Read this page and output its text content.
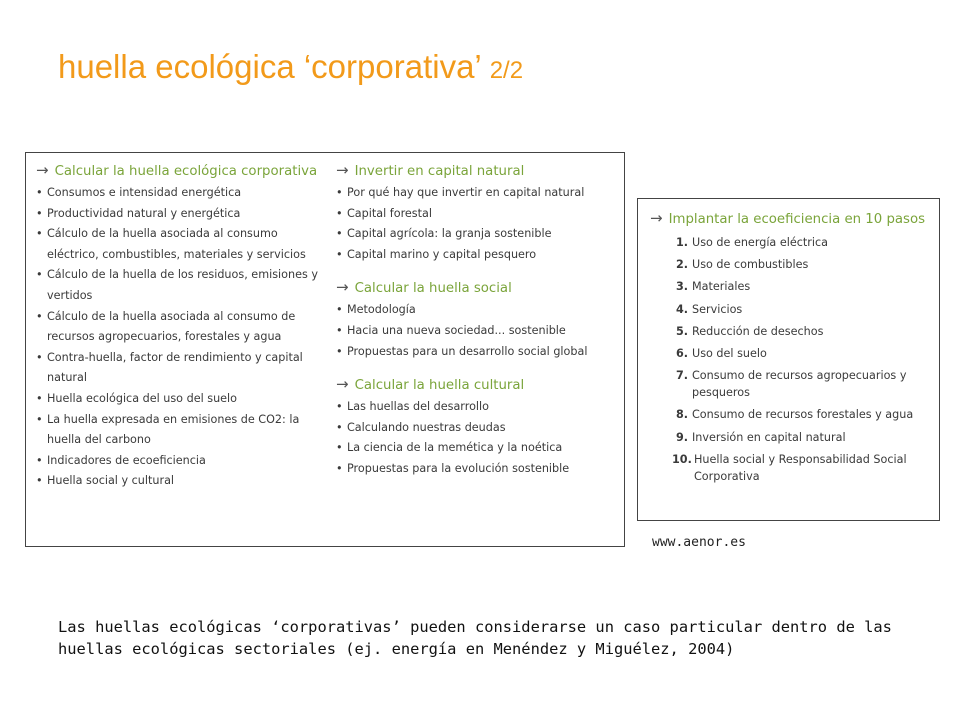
huella ecológica ‘corporativa’ 2/2
→ Calcular la huella ecológica corporativa
• Consumos e intensidad energética
• Productividad natural y energética
• Cálculo de la huella asociada al consumo eléctrico, combustibles, materiales y servicios
• Cálculo de la huella de los residuos, emisiones y vertidos
• Cálculo de la huella asociada al consumo de recursos agropecuarios, forestales y agua
• Contra-huella, factor de rendimiento y capital natural
• Huella ecológica del uso del suelo
• La huella expresada en emisiones de CO2: la huella del carbono
• Indicadores de ecoeficiencia
• Huella social y cultural
→ Invertir en capital natural
• Por qué hay que invertir en capital natural
• Capital forestal
• Capital agrícola: la granja sostenible
• Capital marino y capital pesquero
→ Calcular la huella social
• Metodología
• Hacia una nueva sociedad... sostenible
• Propuestas para un desarrollo social global
→ Calcular la huella cultural
• Las huellas del desarrollo
• Calculando nuestras deudas
• La ciencia de la memética y la noética
• Propuestas para la evolución sostenible
→ Implantar la ecoeficiencia en 10 pasos
1. Uso de energía eléctrica
2. Uso de combustibles
3. Materiales
4. Servicios
5. Reducción de desechos
6. Uso del suelo
7. Consumo de recursos agropecuarios y pesqueros
8. Consumo de recursos forestales y agua
9. Inversión en capital natural
10. Huella social y Responsabilidad Social Corporativa
www.aenor.es

Las huellas ecológicas ‘corporativas’ pueden considerarse un caso particular dentro de las huellas ecológicas sectoriales (ej. energía en Menéndez y Miguélez, 2004)
